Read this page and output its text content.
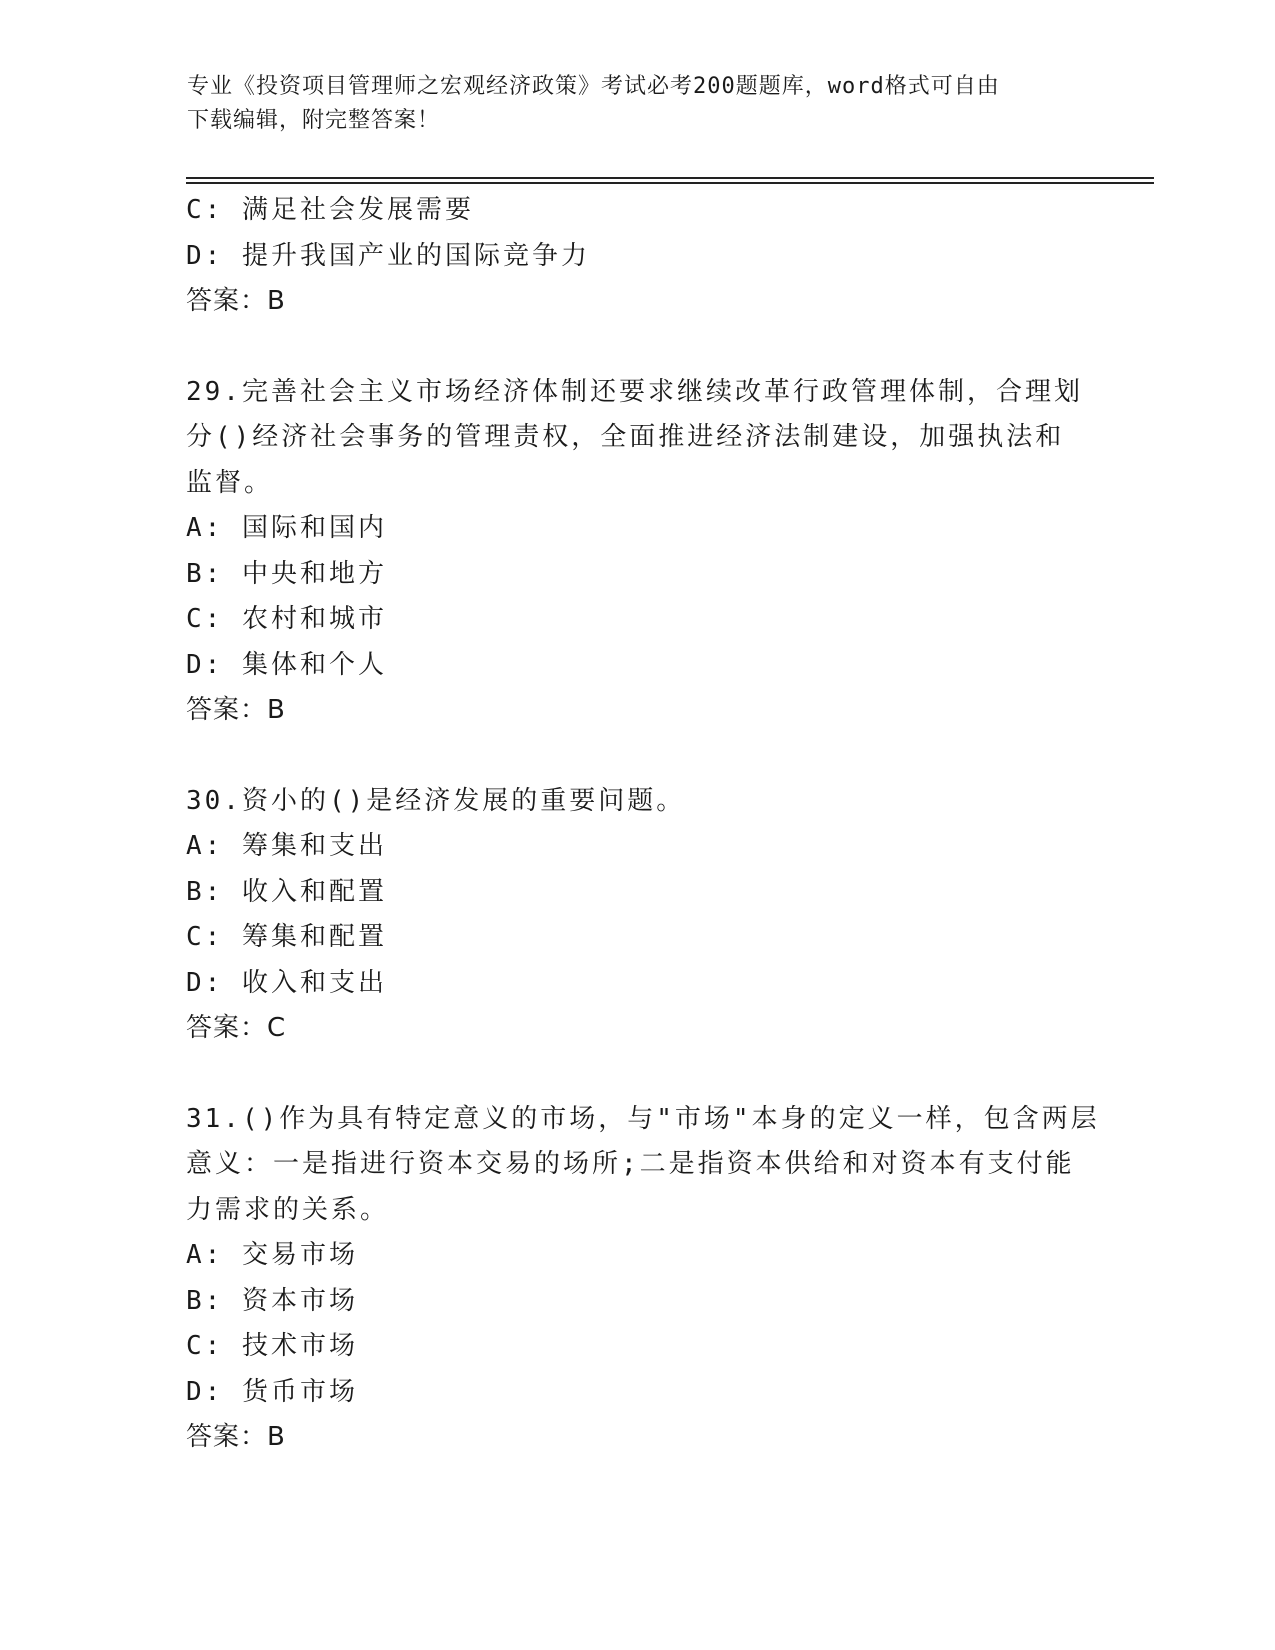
专业《投资项目管理师之宏观经济政策》考试必考200题题库，word格式可自由
下载编辑，附完整答案！
C: 满足社会发展需要
D: 提升我国产业的国际竞争力
答案：B
29.完善社会主义市场经济体制还要求继续改革行政管理体制，合理划
分()经济社会事务的管理责权，全面推进经济法制建设，加强执法和
监督。
A: 国际和国内
B: 中央和地方
C: 农村和城市
D: 集体和个人
答案：B
30.资小的()是经济发展的重要问题。
A: 筹集和支出
B: 收入和配置
C: 筹集和配置
D: 收入和支出
答案：C
31.()作为具有特定意义的市场，与"市场"本身的定义一样，包含两层
意义：一是指进行资本交易的场所;二是指资本供给和对资本有支付能
力需求的关系。
A: 交易市场
B: 资本市场
C: 技术市场
D: 货币市场
答案：B
